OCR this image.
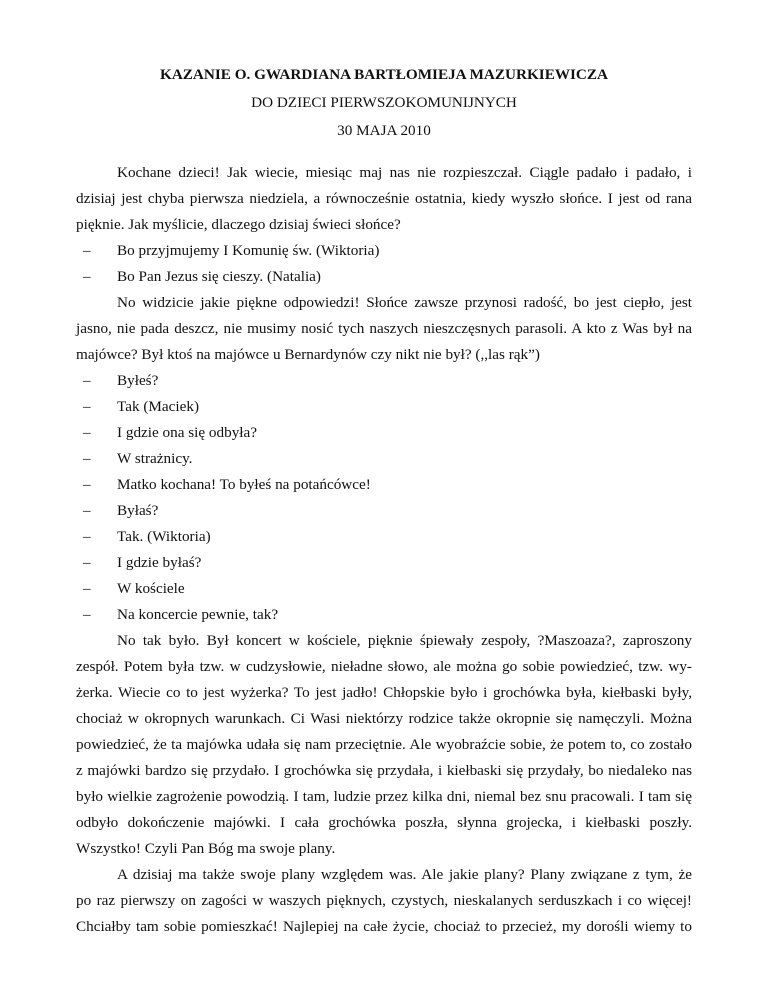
KAZANIE O. GWARDIANA BARTŁOMIEJA MAZURKIEWICZA
DO DZIECI PIERWSZOKOMUNIJNYCH
30 MAJA 2010
Kochane dzieci! Jak wiecie, miesiąc maj nas nie rozpieszczał. Ciągle padało i padało, i
dzisiaj jest chyba pierwsza niedziela, a równocześnie ostatnia, kiedy wyszło słońce. I jest od rana
pięknie. Jak myślicie, dlaczego dzisiaj świeci słońce?
– Bo przyjmujemy I Komunię św. (Wiktoria)
– Bo Pan Jezus się cieszy. (Natalia)
No widzicie jakie piękne odpowiedzi! Słońce zawsze przynosi radość, bo jest ciepło, jest
jasno, nie pada deszcz, nie musimy nosić tych naszych nieszczęsnych parasoli. A kto z Was był na
majówce? Był ktoś na majówce u Bernardynów czy nikt nie był? (,,las rąk”)
– Byłeś?
– Tak (Maciek)
– I gdzie ona się odbyła?
– W strażnicy.
– Matko kochana! To byłeś na potańcówce!
– Byłaś?
– Tak. (Wiktoria)
– I gdzie byłaś?
– W kościele
– Na koncercie pewnie, tak?
No tak było. Był koncert w kościele, pięknie śpiewały zespoły, ?Maszoaza?, zaproszony
zespół. Potem była tzw. w cudzysłowie, nieładne słowo, ale można go sobie powiedzieć, tzw. wy-
żerka. Wiecie co to jest wyżerka? To jest jadło! Chłopskie było i grochówka była, kiełbaski były,
chociaż w okropnych warunkach. Ci Wasi niektórzy rodzice także okropnie się namęczyli. Można
powiedzieć, że ta majówka udała się nam przeciętnie. Ale wyobraźcie sobie, że potem to, co zostało
z majówki bardzo się przydało. I grochówka się przydała, i kiełbaski się przydały, bo niedaleko nas
było wielkie zagrożenie powodzią. I tam, ludzie przez kilka dni, niemal bez snu pracowali. I tam się
odbyło dokończenie majówki. I cała grochówka poszła, słynna grojecka, i kiełbaski poszły.
Wszystko! Czyli Pan Bóg ma swoje plany.
A dzisiaj ma także swoje plany względem was. Ale jakie plany? Plany związane z tym, że
po raz pierwszy on zagości w waszych pięknych, czystych, nieskalanych serduszkach i co więcej!
Chciałby tam sobie pomieszkać! Najlepiej na całe życie, chociaż to przecież, my dorośli wiemy to
